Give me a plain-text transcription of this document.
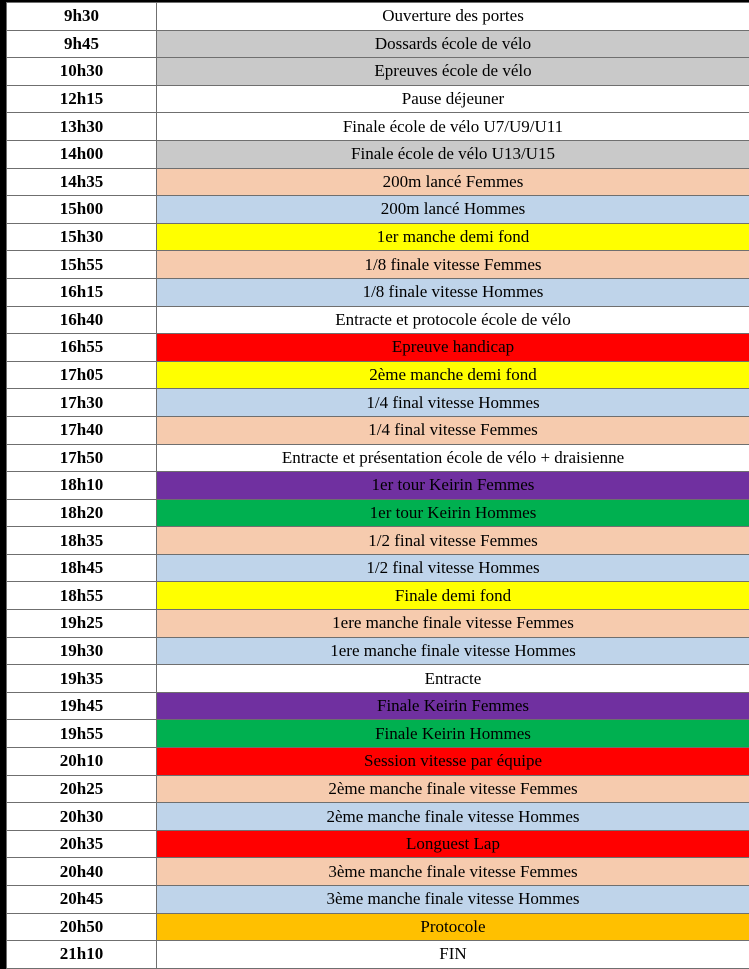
9h30	Ouverture des portes
9h45	Dossards école de vélo
10h30	Epreuves école de vélo
12h15	Pause déjeuner
13h30	Finale école de vélo U7/U9/U11
14h00	Finale école de vélo U13/U15
14h35	200m lancé Femmes
15h00	200m lancé Hommes
15h30	1er manche demi fond
15h55	1/8 finale vitesse Femmes
16h15	1/8 finale vitesse Hommes
16h40	Entracte et protocole école de vélo
16h55	Epreuve handicap
17h05	2ème manche demi fond
17h30	1/4 final vitesse Hommes
17h40	1/4 final vitesse Femmes
17h50	Entracte et présentation école de vélo + draisienne
18h10	1er tour Keirin Femmes
18h20	1er tour Keirin Hommes
18h35	1/2 final vitesse Femmes
18h45	1/2 final vitesse Hommes
18h55	Finale demi fond
19h25	1ere manche finale vitesse Femmes
19h30	1ere manche finale vitesse Hommes
19h35	Entracte
19h45	Finale Keirin Femmes
19h55	Finale Keirin Hommes
20h10	Session vitesse par équipe
20h25	2ème manche finale vitesse Femmes
20h30	2ème manche finale vitesse Hommes
20h35	Longuest Lap
20h40	3ème manche finale vitesse Femmes
20h45	3ème manche finale vitesse Hommes
20h50	Protocole
21h10	FIN
